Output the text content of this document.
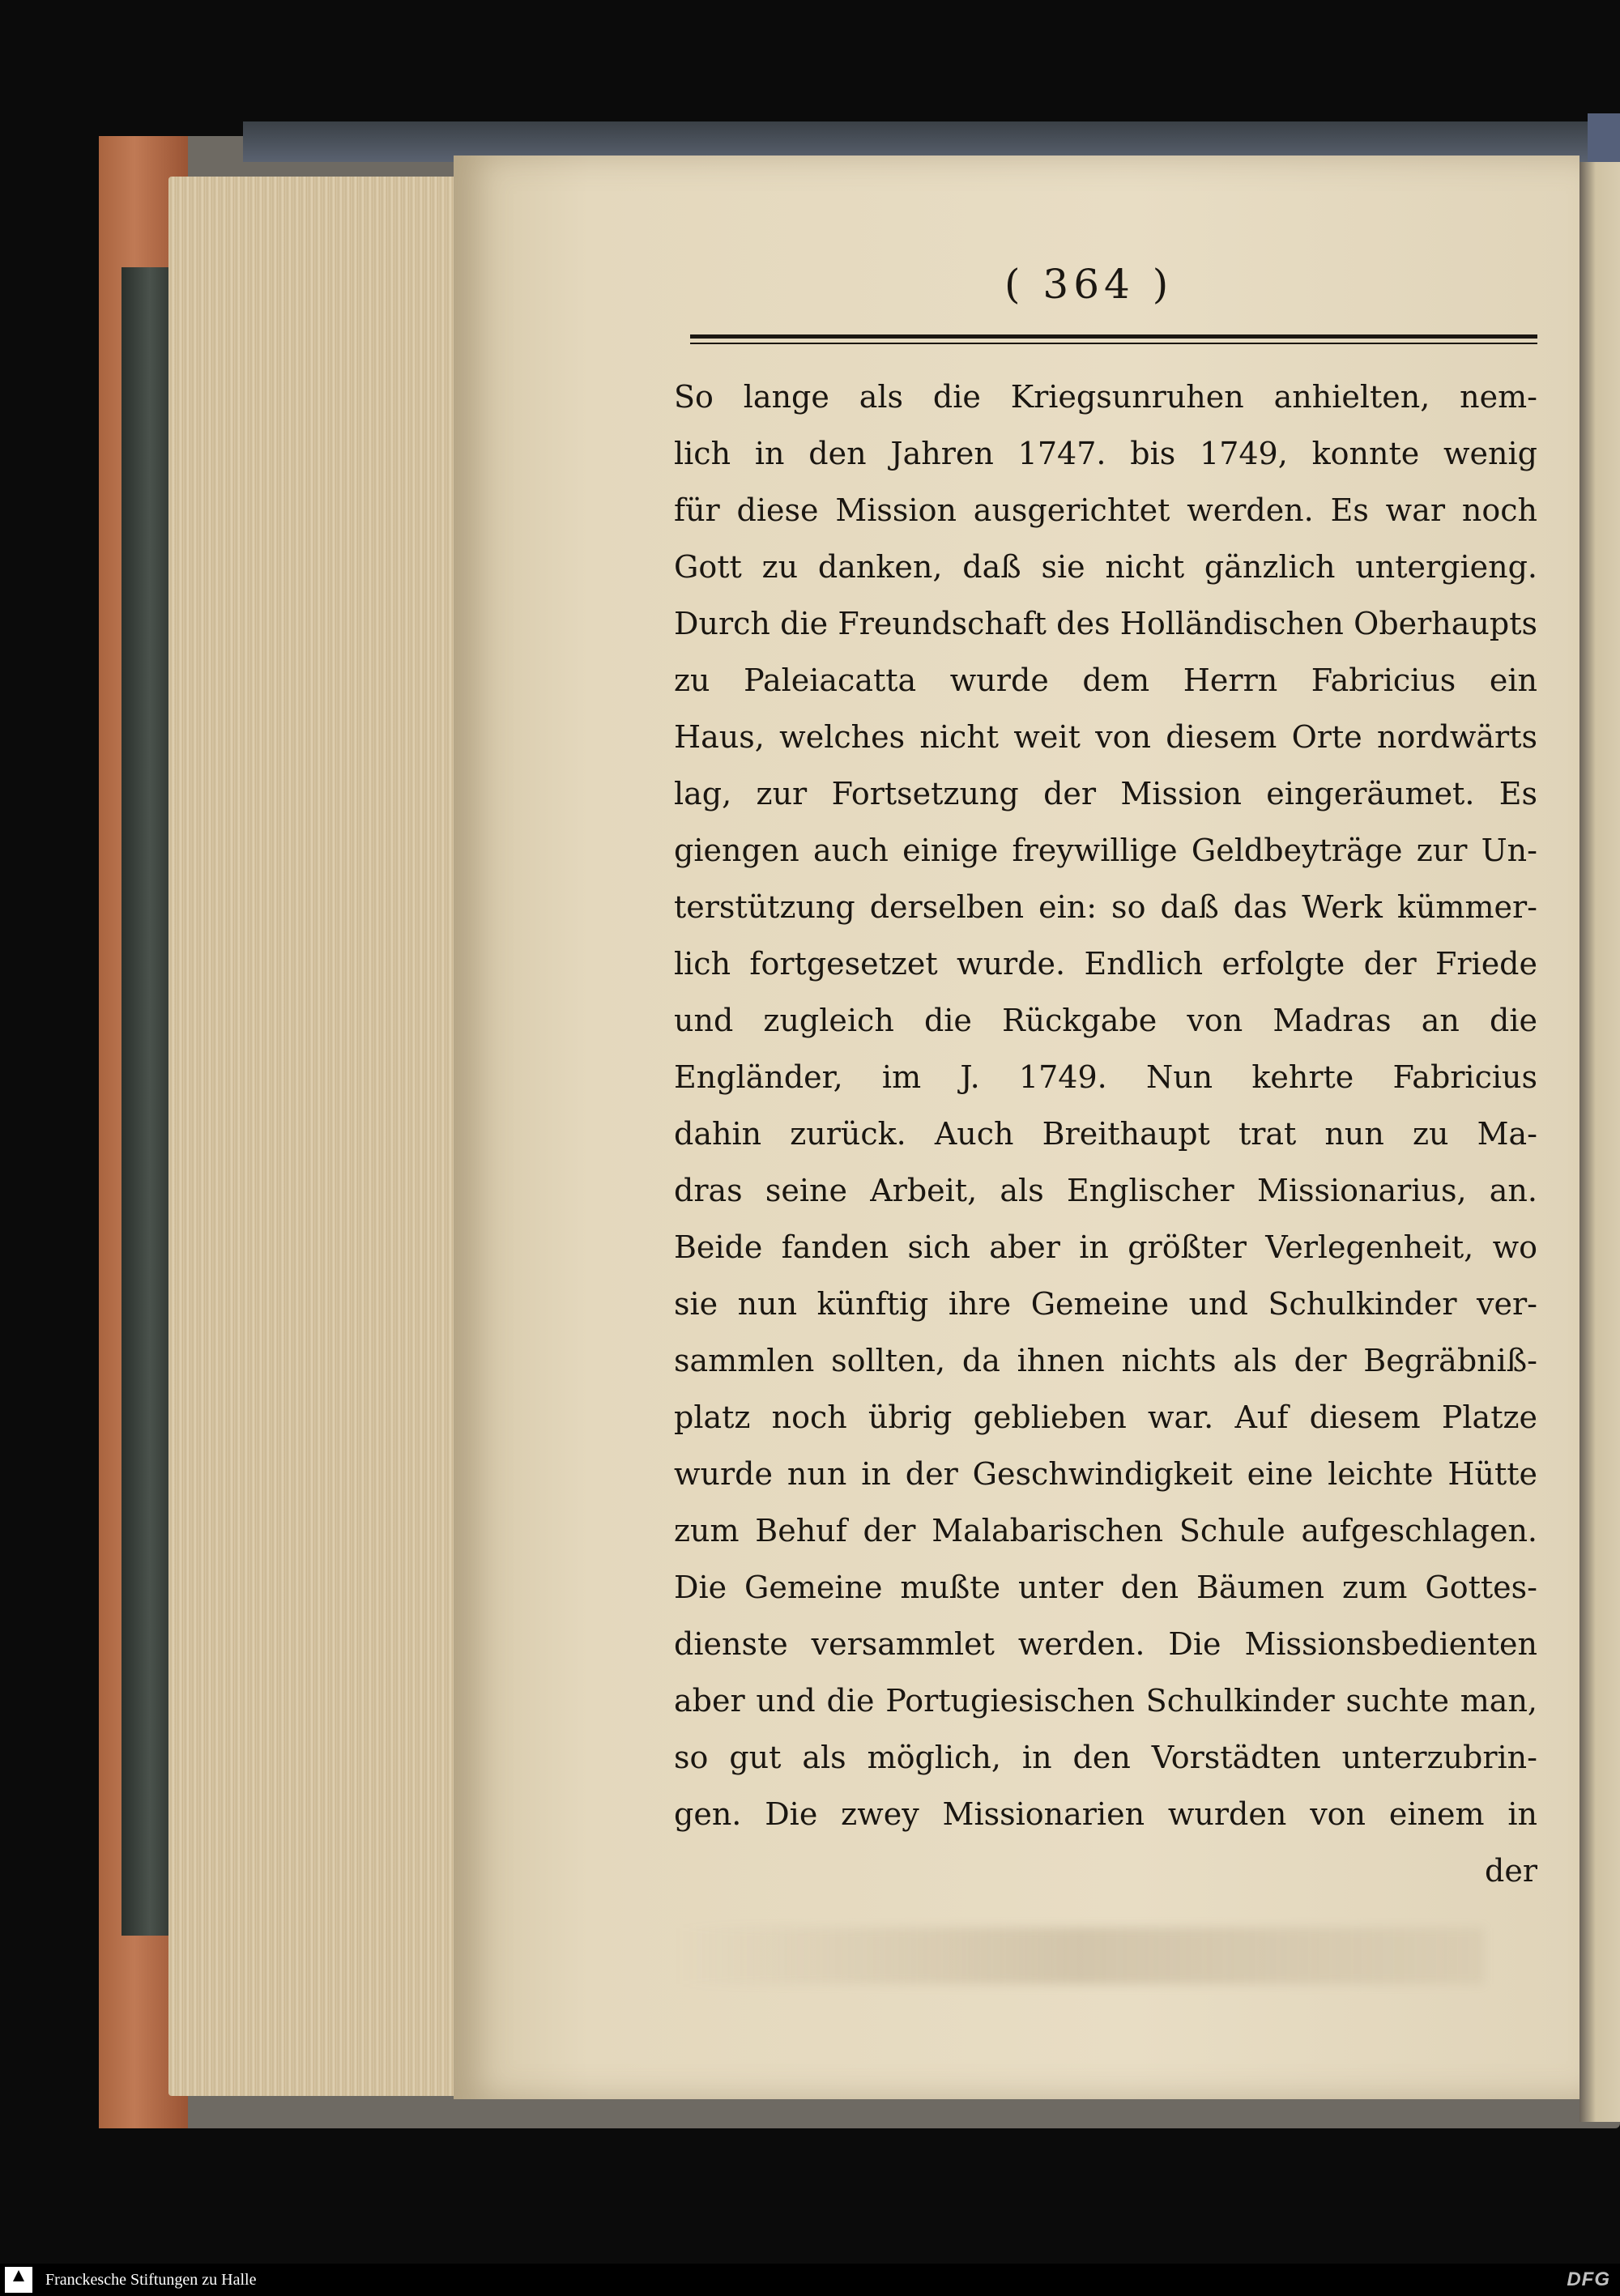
( 364 )
So lange als die Kriegsunruhen anhielten, nem-
lich in den Jahren 1747. bis 1749, konnte wenig
für diese Mission ausgerichtet werden. Es war noch
Gott zu danken, daß sie nicht gänzlich untergieng.
Durch die Freundschaft des Holländischen Oberhaupts
zu Paleiacatta wurde dem Herrn Fabricius ein
Haus, welches nicht weit von diesem Orte nordwärts
lag, zur Fortsetzung der Mission eingeräumet. Es
giengen auch einige freywillige Geldbeyträge zur Un-
terstützung derselben ein: so daß das Werk kümmer-
lich fortgesetzet wurde. Endlich erfolgte der Friede
und zugleich die Rückgabe von Madras an die
Engländer, im J. 1749. Nun kehrte Fabricius
dahin zurück. Auch Breithaupt trat nun zu Ma-
dras seine Arbeit, als Englischer Missionarius, an.
Beide fanden sich aber in größter Verlegenheit, wo
sie nun künftig ihre Gemeine und Schulkinder ver-
sammlen sollten, da ihnen nichts als der Begräbniß-
platz noch übrig geblieben war. Auf diesem Platze
wurde nun in der Geschwindigkeit eine leichte Hütte
zum Behuf der Malabarischen Schule aufgeschlagen.
Die Gemeine mußte unter den Bäumen zum Gottes-
dienste versammlet werden. Die Missionsbedienten
aber und die Portugiesischen Schulkinder suchte man,
so gut als möglich, in den Vorstädten unterzubrin-
gen. Die zwey Missionarien wurden von einem in
der
Franckesche Stiftungen zu Halle	DFG
